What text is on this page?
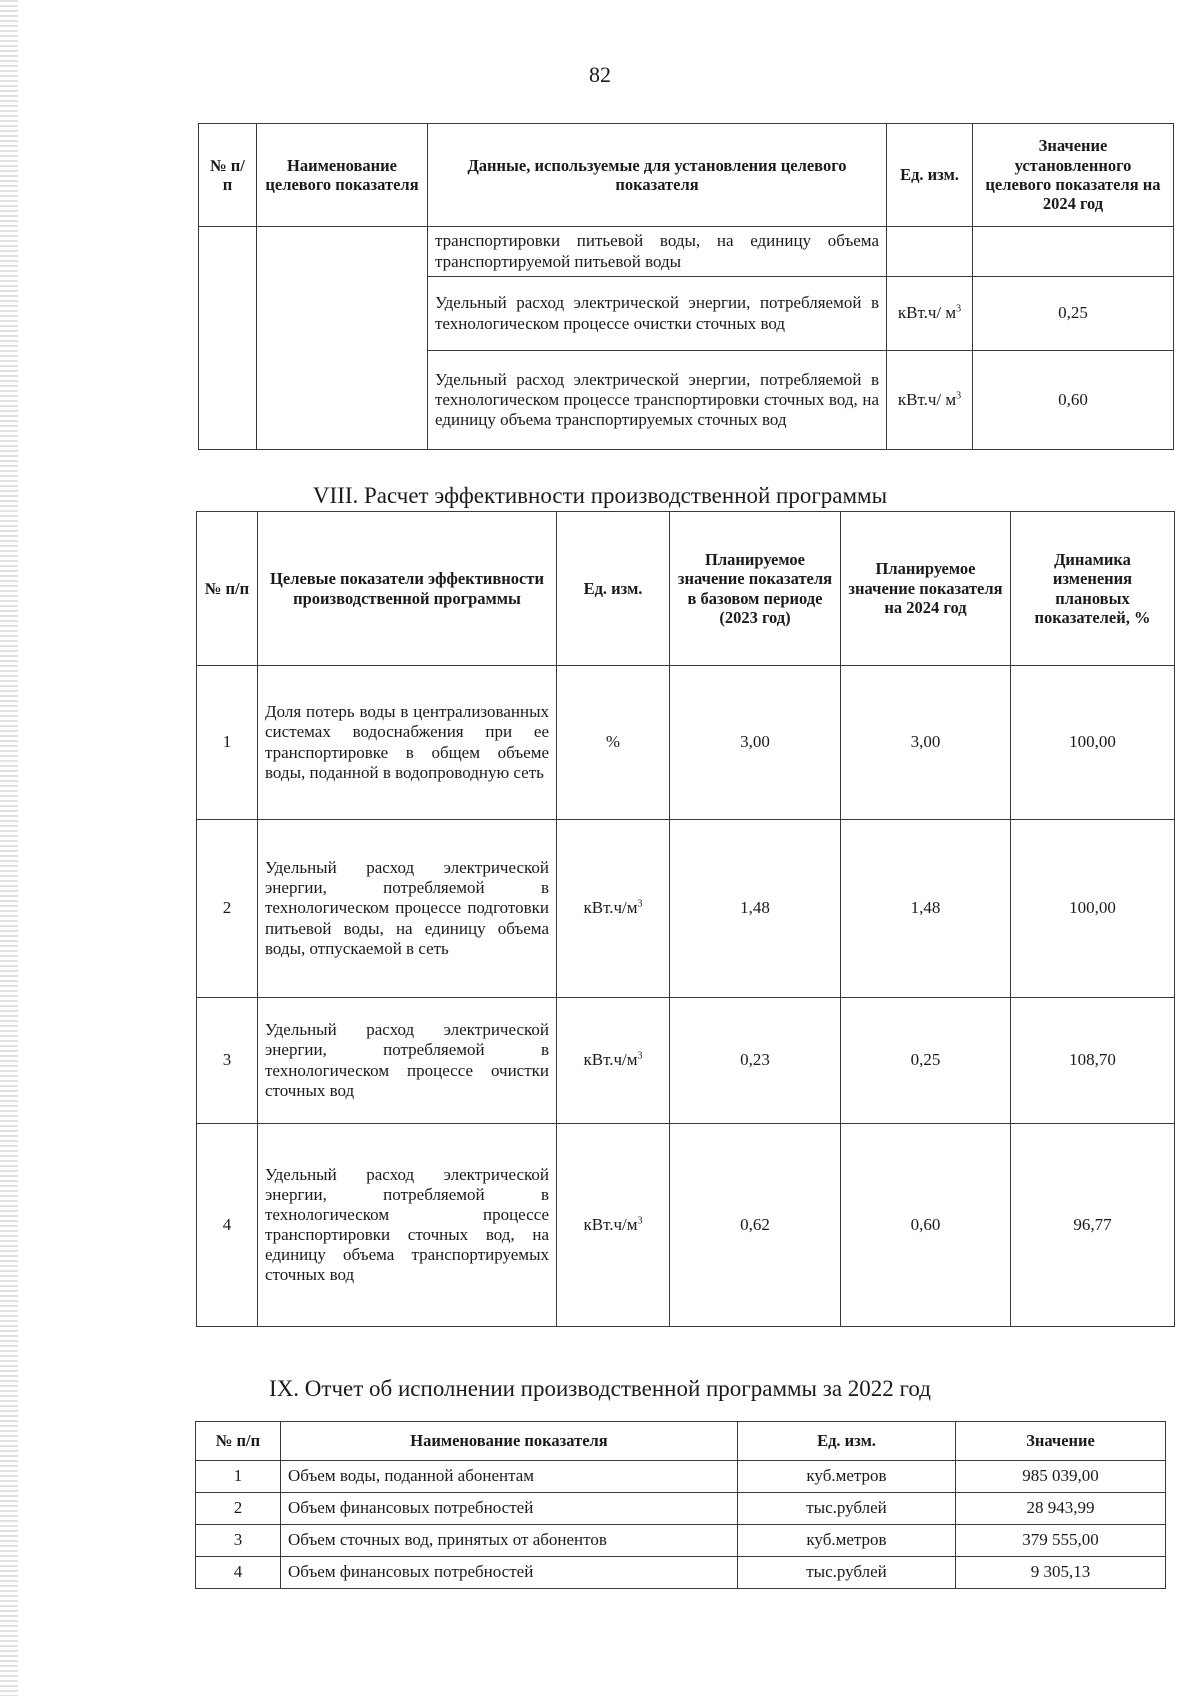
82
№ п/п	Наименование целевого показателя	Данные, используемые для установления целевого показателя	Ед. изм.	Значение установленного целевого показателя на 2024 год
		транспортировки питьевой воды, на единицу объема транспортируемой питьевой воды		
		Удельный расход электрической энергии, потребляемой в технологическом процессе очистки сточных вод	кВт.ч/ $м^3$	0,25
		Удельный расход электрической энергии, потребляемой в технологическом процессе транспортировки сточных вод, на единицу объема транспортируемых сточных вод	кВт.ч/ $м^3$	0,60
VIII. Расчет эффективности производственной программы
№ п/п	Целевые показатели эффективности производственной программы	Ед. изм.	Планируемое значение показателя в базовом периоде (2023 год)	Планируемое значение показателя на 2024 год	Динамика изменения плановых показателей, %
1	Доля потерь воды в централизованных системах водоснабжения при ее транспортировке в общем объеме воды, поданной в водопроводную сеть	%	3,00	3,00	100,00
2	Удельный расход электрической энергии, потребляемой в технологическом процессе подготовки питьевой воды, на единицу объема воды, отпускаемой в сеть	$кВт.ч/м^3$	1,48	1,48	100,00
3	Удельный расход электрической энергии, потребляемой в технологическом процессе очистки сточных вод	$кВт.ч/м^3$	0,23	0,25	108,70
4	Удельный расход электрической энергии, потребляемой в технологическом процессе транспортировки сточных вод, на единицу объема транспортируемых сточных вод	$кВт.ч/м^3$	0,62	0,60	96,77
IX. Отчет об исполнении производственной программы за 2022 год
№ п/п	Наименование показателя	Ед. изм.	Значение
1	Объем воды, поданной абонентам	куб.метров	985 039,00
2	Объем финансовых потребностей	тыс.рублей	28 943,99
3	Объем сточных вод, принятых от абонентов	куб.метров	379 555,00
4	Объем финансовых потребностей	тыс.рублей	9 305,13
